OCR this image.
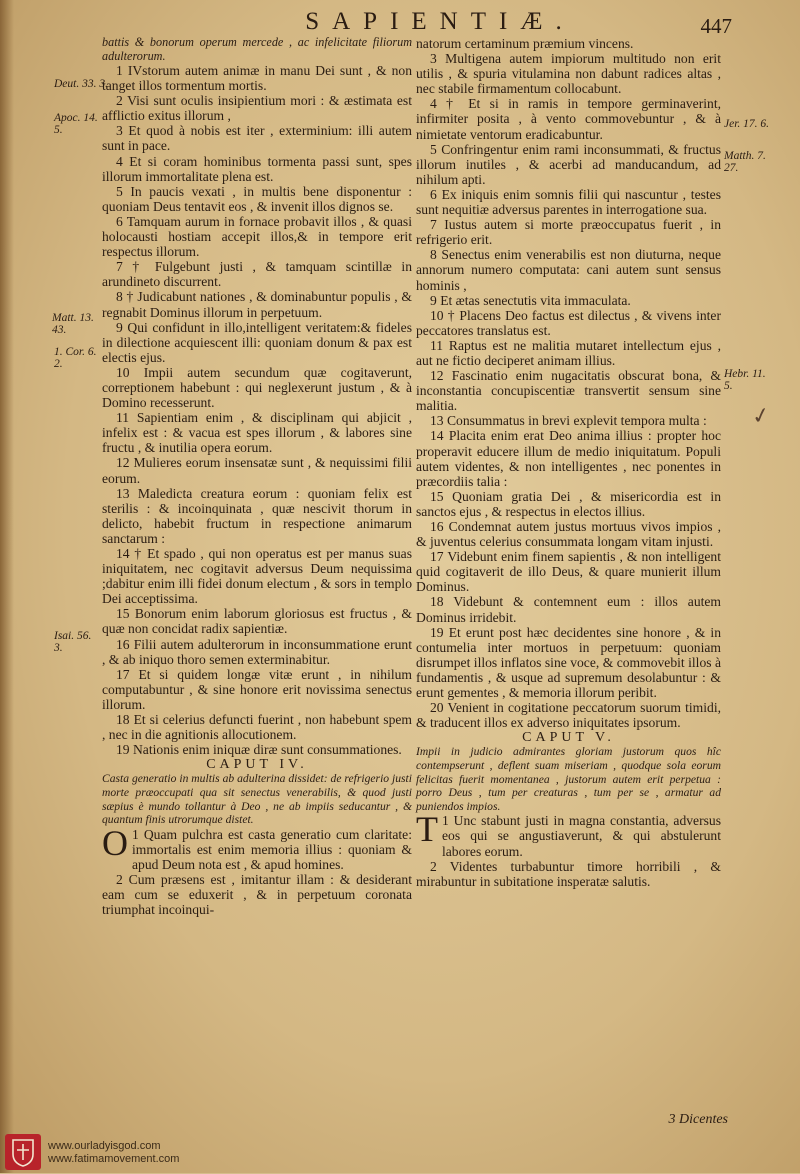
SAPIENTIÆ.	447

battis & bonorum operum mercede , ac infelicitate filiorum adulterorum.

1 IVstorum autem animæ in manu Dei sunt , & non tanget illos tormentum mortis.

2 Visi sunt oculis insipientium mori : & æstimata est afflictio exitus illorum ,

3 Et quod à nobis est iter , exterminium: illi autem sunt in pace.

4 Et si coram hominibus tormenta passi sunt, spes illorum immortalitate plena est.

5 In paucis vexati , in multis bene disponentur : quoniam Deus tentavit eos , & invenit illos dignos se.

6 Tamquam aurum in fornace probavit illos , & quasi holocausti hostiam accepit illos,& in tempore erit respectus illorum.

7 † Fulgebunt justi , & tamquam scintillæ in arundineto discurrent.

8 † Judicabunt nationes , & dominabuntur populis , & regnabit Dominus illorum in perpetuum.

9 Qui confidunt in illo,intelligent veritatem:& fideles in dilectione acquiescent illi: quoniam donum & pax est electis ejus.

10 Impii autem secundum quæ cogitaverunt, correptionem habebunt : qui neglexerunt justum , & à Domino recesserunt.

11 Sapientiam enim , & disciplinam qui abjicit , infelix est : & vacua est spes illorum , & labores sine fructu , & inutilia opera eorum.

12 Mulieres eorum insensatæ sunt , & nequissimi filii eorum.

13 Maledicta creatura eorum : quoniam felix est sterilis : & incoinquinata , quæ nescivit thorum in delicto, habebit fructum in respectione animarum sanctarum :

14 † Et spado , qui non operatus est per manus suas iniquitatem, nec cogitavit adversus Deum nequissima ;dabitur enim illi fidei donum electum , & sors in templo Dei acceptissima.

15 Bonorum enim laborum gloriosus est fructus , & quæ non concidat radix sapientiæ.

16 Filii autem adulterorum in inconsummatione erunt , & ab iniquo thoro semen exterminabitur.

17 Et si quidem longæ vitæ erunt , in nihilum computabuntur , & sine honore erit novissima senectus illorum.

18 Et si celerius defuncti fuerint , non habebunt spem , nec in die agnitionis allocutionem.

19 Nationis enim iniquæ diræ sunt consummationes.

CAPUT IV.

Casta generatio in multis ab adulterina dissidet: de refrigerio justi morte præoccupati qua sit senectus venerabilis, & quod justi sæpius è mundo tollantur à Deo , ne ab impiis seducantur , & quantum finis utrorumque distet.

O 1 Quam pulchra est casta generatio cum claritate: immortalis est enim memoria illius : quoniam & apud Deum nota est , & apud homines.

2 Cum præsens est , imitantur illam : & desiderant eam cum se eduxerit , & in perpetuum coronata triumphat incoinqui-

natorum certaminum præmium vincens.

3 Multigena autem impiorum multitudo non erit utilis , & spuria vitulamina non dabunt radices altas , nec stabile firmamentum collocabunt.

4 † Et si in ramis in tempore germinaverint, infirmiter posita , à vento commovebuntur , & à nimietate ventorum eradicabuntur.

5 Confringentur enim rami inconsummati, & fructus illorum inutiles , & acerbi ad manducandum, ad nihilum apti.

6 Ex iniquis enim somnis filii qui nascuntur , testes sunt nequitiæ adversus parentes in interrogatione sua.

7 Iustus autem si morte præoccupatus fuerit , in refrigerio erit.

8 Senectus enim venerabilis est non diuturna, neque annorum numero computata: cani autem sunt sensus hominis ,

9 Et ætas senectutis vita immaculata.

10 † Placens Deo factus est dilectus , & vivens inter peccatores translatus est.

11 Raptus est ne malitia mutaret intellectum ejus , aut ne fictio deciperet animam illius.

12 Fascinatio enim nugacitatis obscurat bona, & inconstantia concupiscentiæ transvertit sensum sine malitia.

13 Consummatus in brevi explevit tempora multa :

14 Placita enim erat Deo anima illius : propter hoc properavit educere illum de medio iniquitatum. Populi autem videntes, & non intelligentes , nec ponentes in præcordiis talia :

15 Quoniam gratia Dei , & misericordia est in sanctos ejus , & respectus in electos illius.

16 Condemnat autem justus mortuus vivos impios , & juventus celerius consummata longam vitam injusti.

17 Videbunt enim finem sapientis , & non intelligent quid cogitaverit de illo Deus, & quare munierit illum Dominus.

18 Videbunt & contemnent eum : illos autem Dominus irridebit.

19 Et erunt post hæc decidentes sine honore , & in contumelia inter mortuos in perpetuum: quoniam disrumpet illos inflatos sine voce, & commovebit illos à fundamentis , & usque ad supremum desolabuntur : & erunt gementes , & memoria illorum peribit.

20 Venient in cogitatione peccatorum suorum timidi, & traducent illos ex adverso iniquitates ipsorum.

CAPUT V.

Impii in judicio admirantes gloriam justorum quos hîc contempserunt , deflent suam miseriam , quodque sola eorum felicitas fuerit momentanea , justorum autem erit perpetua : porro Deus , tum per creaturas , tum per se , armatur ad puniendos impios.

T 1 Unc stabunt justi in magna constantia, adversus eos qui se angustiaverunt, & qui abstulerunt labores eorum.

2 Videntes turbabuntur timore horribili , & mirabuntur in subitatione insperatæ salutis.

3 Dicentes
Deut. 33. 3.
Apoc. 14. 5.
Matt. 13. 43.
1. Cor. 6. 2.
Isai. 56. 3.
Jer. 17. 6.
Matth. 7. 27.
Hebr. 11. 5.
✓
www.ourladyisgod.com
www.fatimamovement.com
